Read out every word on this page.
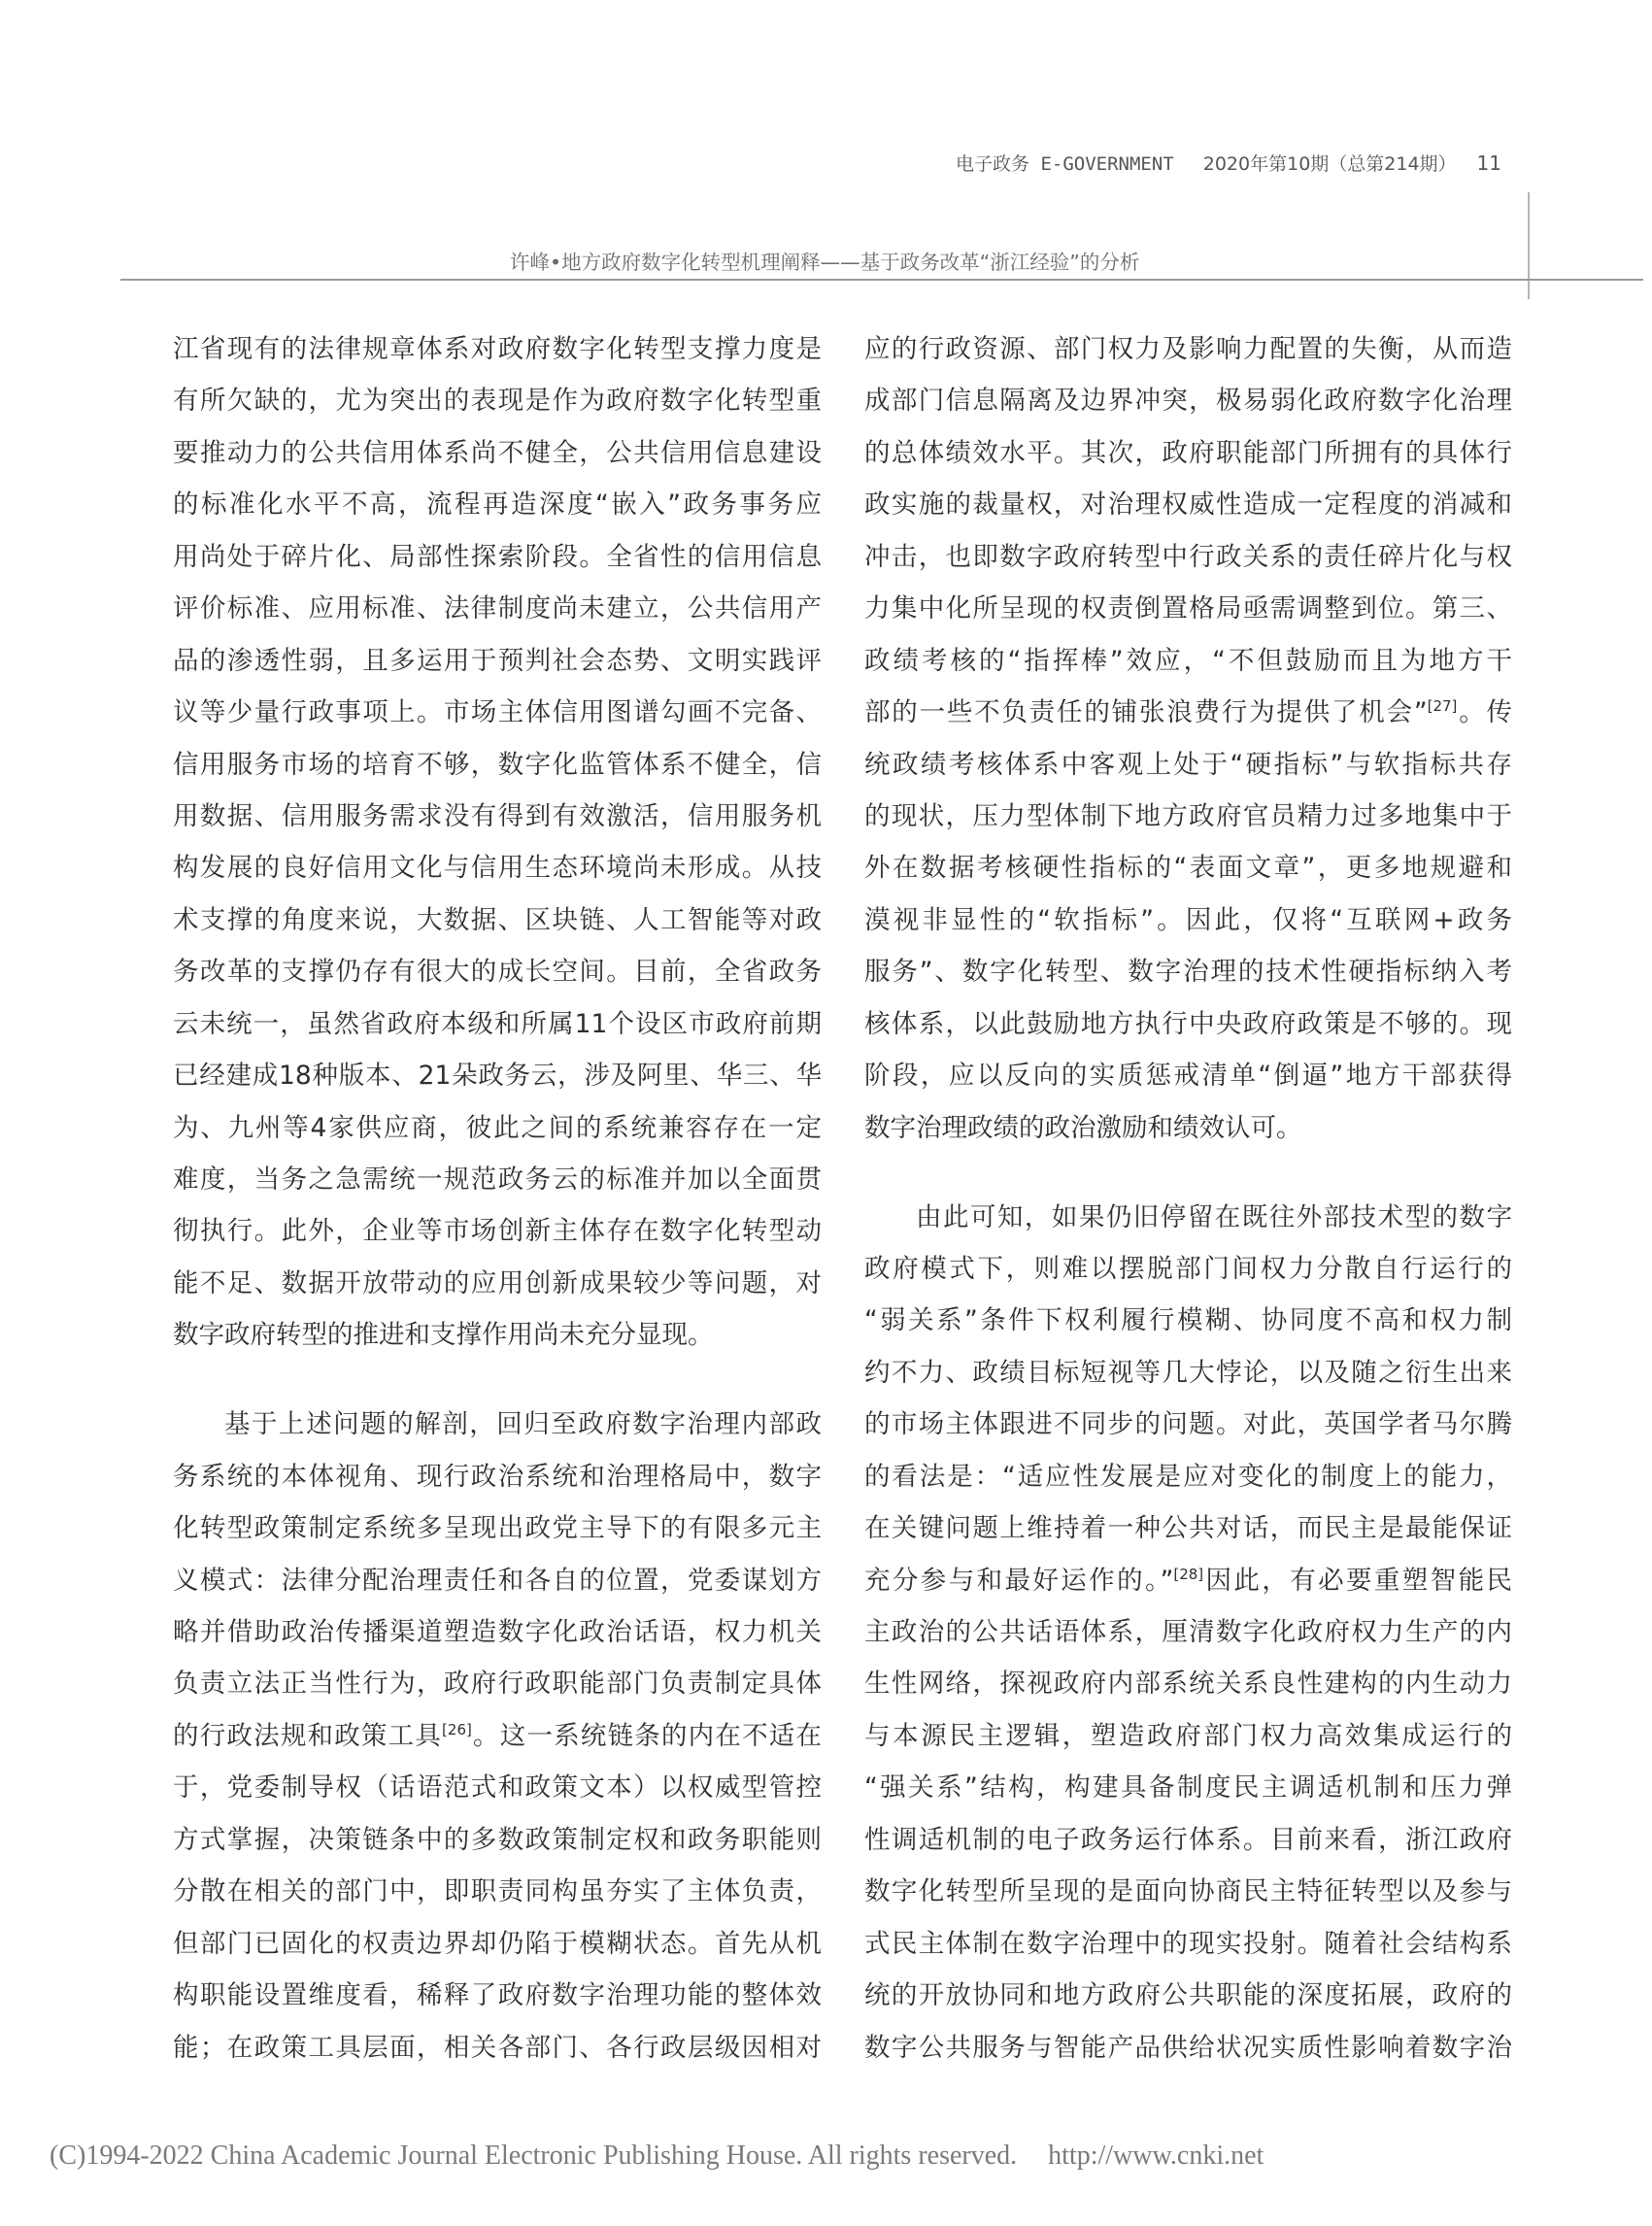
电子政务 E-GOVERNMENT 2020年第10期（总第214期） 11
许峰•地方政府数字化转型机理阐释——基于政务改革“浙江经验”的分析
江省现有的法律规章体系对政府数字化转型支撑力度是
有所欠缺的，尤为突出的表现是作为政府数字化转型重
要推动力的公共信用体系尚不健全，公共信用信息建设
的标准化水平不高，流程再造深度“嵌入”政务事务应
用尚处于碎片化、局部性探索阶段。全省性的信用信息
评价标准、应用标准、法律制度尚未建立，公共信用产
品的渗透性弱，且多运用于预判社会态势、文明实践评
议等少量行政事项上。市场主体信用图谱勾画不完备、
信用服务市场的培育不够，数字化监管体系不健全，信
用数据、信用服务需求没有得到有效激活，信用服务机
构发展的良好信用文化与信用生态环境尚未形成。从技
术支撑的角度来说，大数据、区块链、人工智能等对政
务改革的支撑仍存有很大的成长空间。目前，全省政务
云未统一，虽然省政府本级和所属11个设区市政府前期
已经建成18种版本、21朵政务云，涉及阿里、华三、华
为、九州等4家供应商，彼此之间的系统兼容存在一定
难度，当务之急需统一规范政务云的标准并加以全面贯
彻执行。此外，企业等市场创新主体存在数字化转型动
能不足、数据开放带动的应用创新成果较少等问题，对
数字政府转型的推进和支撑作用尚未充分显现。
基于上述问题的解剖，回归至政府数字治理内部政
务系统的本体视角、现行政治系统和治理格局中，数字
化转型政策制定系统多呈现出政党主导下的有限多元主
义模式：法律分配治理责任和各自的位置，党委谋划方
略并借助政治传播渠道塑造数字化政治话语，权力机关
负责立法正当性行为，政府行政职能部门负责制定具体
的行政法规和政策工具[26]。这一系统链条的内在不适在
于，党委制导权（话语范式和政策文本）以权威型管控
方式掌握，决策链条中的多数政策制定权和政务职能则
分散在相关的部门中，即职责同构虽夯实了主体负责，
但部门已固化的权责边界却仍陷于模糊状态。首先从机
构职能设置维度看，稀释了政府数字治理功能的整体效
能；在政策工具层面，相关各部门、各行政层级因相对
应的行政资源、部门权力及影响力配置的失衡，从而造
成部门信息隔离及边界冲突，极易弱化政府数字化治理
的总体绩效水平。其次，政府职能部门所拥有的具体行
政实施的裁量权，对治理权威性造成一定程度的消减和
冲击，也即数字政府转型中行政关系的责任碎片化与权
力集中化所呈现的权责倒置格局亟需调整到位。第三、
政绩考核的“指挥棒”效应，“不但鼓励而且为地方干
部的一些不负责任的铺张浪费行为提供了机会”[27]。传
统政绩考核体系中客观上处于“硬指标”与软指标共存
的现状，压力型体制下地方政府官员精力过多地集中于
外在数据考核硬性指标的“表面文章”，更多地规避和
漠视非显性的“软指标”。因此，仅将“互联网+政务
服务”、数字化转型、数字治理的技术性硬指标纳入考
核体系，以此鼓励地方执行中央政府政策是不够的。现
阶段，应以反向的实质惩戒清单“倒逼”地方干部获得
数字治理政绩的政治激励和绩效认可。
由此可知，如果仍旧停留在既往外部技术型的数字
政府模式下，则难以摆脱部门间权力分散自行运行的
“弱关系”条件下权利履行模糊、协同度不高和权力制
约不力、政绩目标短视等几大悖论，以及随之衍生出来
的市场主体跟进不同步的问题。对此，英国学者马尔腾
的看法是：“适应性发展是应对变化的制度上的能力，
在关键问题上维持着一种公共对话，而民主是最能保证
充分参与和最好运作的。”[28]因此，有必要重塑智能民
主政治的公共话语体系，厘清数字化政府权力生产的内
生性网络，探视政府内部系统关系良性建构的内生动力
与本源民主逻辑，塑造政府部门权力高效集成运行的
“强关系”结构，构建具备制度民主调适机制和压力弹
性调适机制的电子政务运行体系。目前来看，浙江政府
数字化转型所呈现的是面向协商民主特征转型以及参与
式民主体制在数字治理中的现实投射。随着社会结构系
统的开放协同和地方政府公共职能的深度拓展，政府的
数字公共服务与智能产品供给状况实质性影响着数字治
(C)1994-2022 China Academic Journal Electronic Publishing House. All rights reserved. http://www.cnki.net
